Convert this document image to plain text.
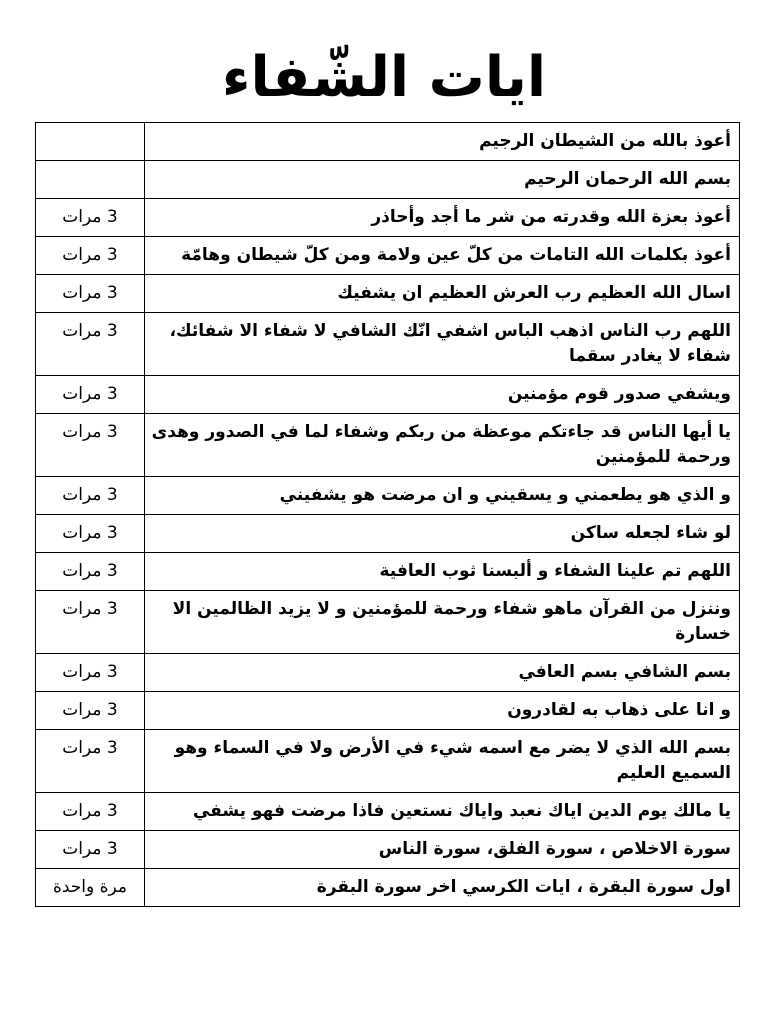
ايات الشّفاء
أعوذ بالله من الشيطان الرجيم	
بسم الله الرحمان الرحيم	
أعوذ بعزة الله وقدرته من شر ما أجد وأحاذر	3 مرات
أعوذ بكلمات الله التامات من كلّ عين ولامة ومن كلّ شيطان وهامّة	3 مرات
اسال الله العظيم رب العرش العظيم ان يشفيك	3 مرات
اللهم رب الناس اذهب الباس اشفي انّك الشافي لا شفاء الا شفائك، شفاء لا يغادر سقما	3 مرات
ويشفي صدور قوم مؤمنين	3 مرات
يا أيها الناس قد جاءتكم موعظة من ربكم وشفاء لما في الصدور وهدى ورحمة للمؤمنين	3 مرات
و الذي هو يطعمني و يسقيني و ان مرضت هو يشفيني	3 مرات
لو شاء لجعله ساكن	3 مرات
اللهم تم علينا الشفاء و ألبسنا ثوب العافية	3 مرات
وننزل من القرآن ماهو شفاء ورحمة للمؤمنين و لا يزيد الظالمين الا خسارة	3 مرات
بسم الشافي بسم العافي	3 مرات
و انا على ذهاب به لقادرون	3 مرات
بسم الله الذي لا يضر مع اسمه شيء في الأرض ولا في السماء وهو السميع العليم	3 مرات
يا مالك يوم الدين اياك نعبد واياك نستعين فاذا مرضت فهو يشفي	3 مرات
سورة الاخلاص ، سورة الفلق، سورة الناس	3 مرات
اول سورة البقرة ، ايات الكرسي اخر سورة البقرة	مرة واحدة
